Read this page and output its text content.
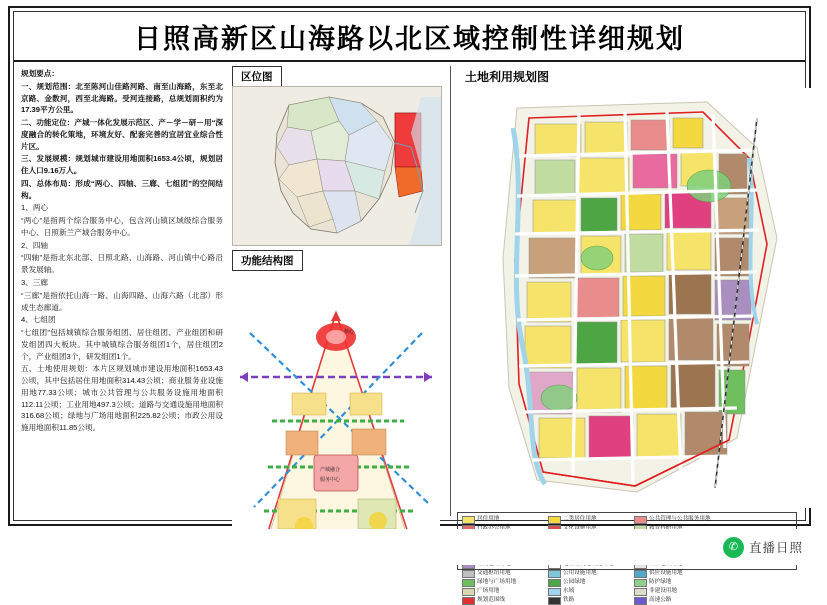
日照高新区山海路以北区域控制性详细规划

规划要点：

一、规划范围：北至陈河山佳路河路、南至山海路，东至北京路、金数河，西至北海路。受河连接路，总规划面积约为17.39平方公里。

二、功能定位：产城一体化发展示范区、产－学－研－用“深度融合的转化策地，环境友好、配套完善的宜居宜业综合性片区。

三、发展规模：规划城市建设用地面积1653.4公顷，规划居住人口9.16万人。

四、总体布局：形成“两心、四轴、三廊、七组团”的空间结构。

1、两心

“两心”是指两个综合服务中心，包含河山镇区域级综合服务中心、日照新兰产城合服务中心。

2、四轴

“四轴”是指北东北部、日照北路、山海路、河山镇中心路沿景发展轴。

3、三廊

“三廊”是指依托山海一路、山海四路、山海六路（北部）形成生态廊道。

4、七组团

“七组团”包括城镇综合服务组团、居住组团、产业组团和研发组团四大板块。其中城镇综合服务组团1个，居住组团2个，产业组团3个，研发组团1个。

五、土地使用规划：本片区规划城市建设用地面积1653.43公顷，其中包括居住用地面积314.43公顷；商业服务业设施用地77.33公顷；城市公共管理与公共服务设施用地面积112.11公顷；工业用地497.3公顷；道路与交通设施用地面积316.68公顷；绿地与广场用地面积225.82公顷；市政公用设施用地面积11.85公顷。

区位图
功能结构图
核心
产城融合
服务中心
土地利用规划图
居住用地	二类居住用地	公共管理与公共服务用地
交通枢纽用地	公用设施用地	供应设施用地
绿地与广场用地	公园绿地	防护绿地
广场用地	水域	非建设用地
规划范围线	铁路	高速公路
✆ 直播日照
